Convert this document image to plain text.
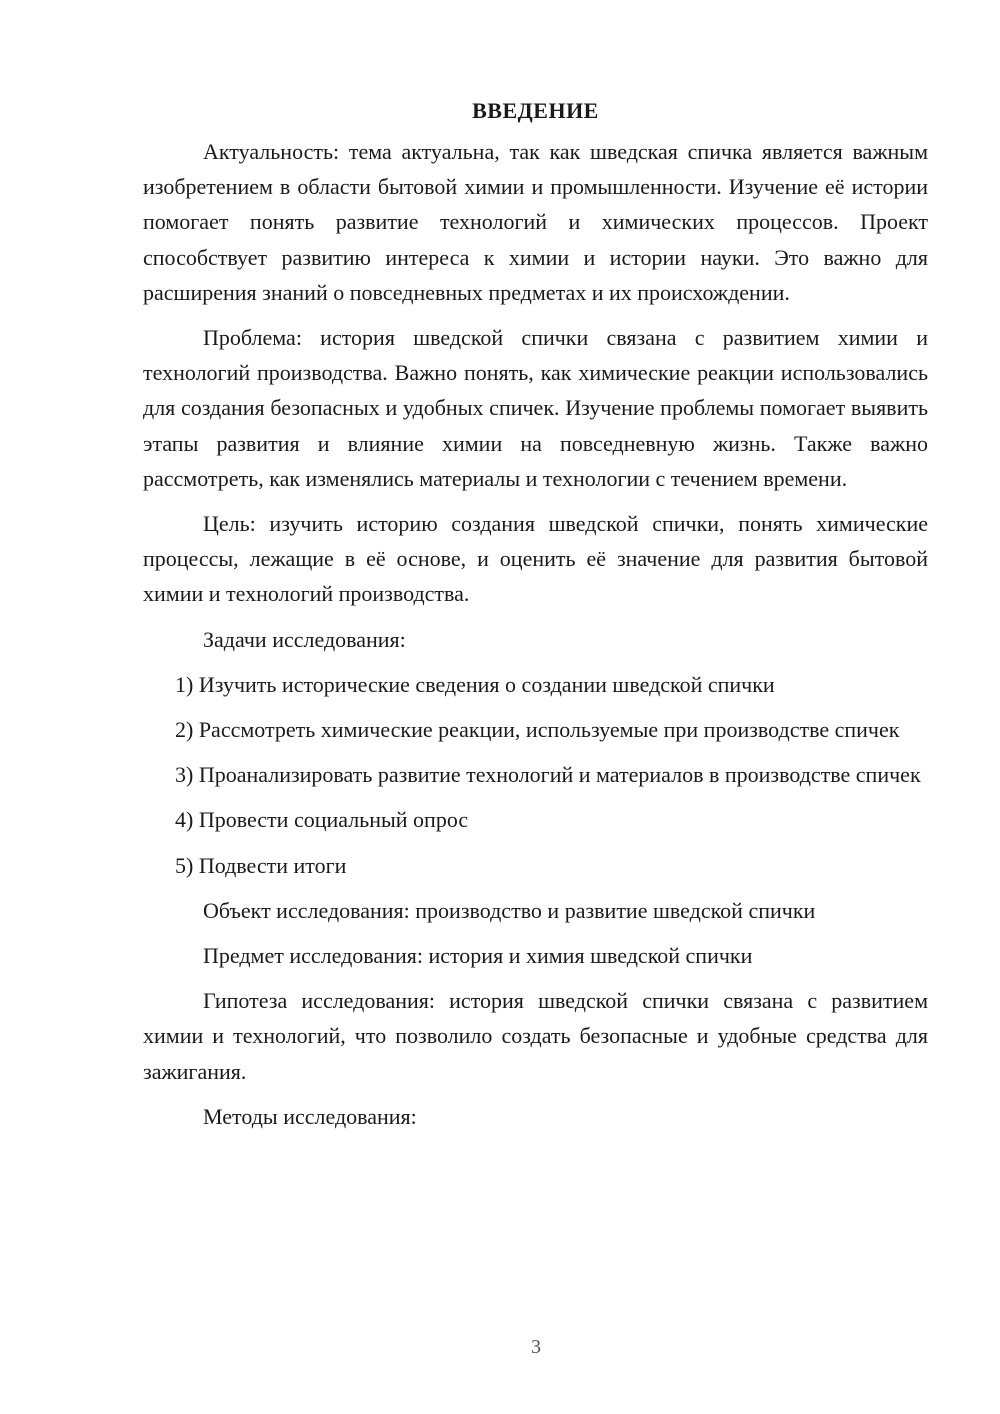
ВВЕДЕНИЕ

Актуальность: тема актуальна, так как шведская спичка является важным изобретением в области бытовой химии и промышленности. Изучение её истории помогает понять развитие технологий и химических процессов. Проект способствует развитию интереса к химии и истории науки. Это важно для расширения знаний о повседневных предметах и их происхождении.

Проблема: история шведской спички связана с развитием химии и технологий производства. Важно понять, как химические реакции использовались для создания безопасных и удобных спичек. Изучение проблемы помогает выявить этапы развития и влияние химии на повседневную жизнь. Также важно рассмотреть, как изменялись материалы и технологии с течением времени.

Цель: изучить историю создания шведской спички, понять химические процессы, лежащие в её основе, и оценить её значение для развития бытовой химии и технологий производства.

Задачи исследования:

1) Изучить исторические сведения о создании шведской спички

2) Рассмотреть химические реакции, используемые при производстве спичек

3) Проанализировать развитие технологий и материалов в производстве спичек

4) Провести социальный опрос

5) Подвести итоги

Объект исследования: производство и развитие шведской спички

Предмет исследования: история и химия шведской спички

Гипотеза исследования: история шведской спички связана с развитием химии и технологий, что позволило создать безопасные и удобные средства для зажигания.

Методы исследования:

3
